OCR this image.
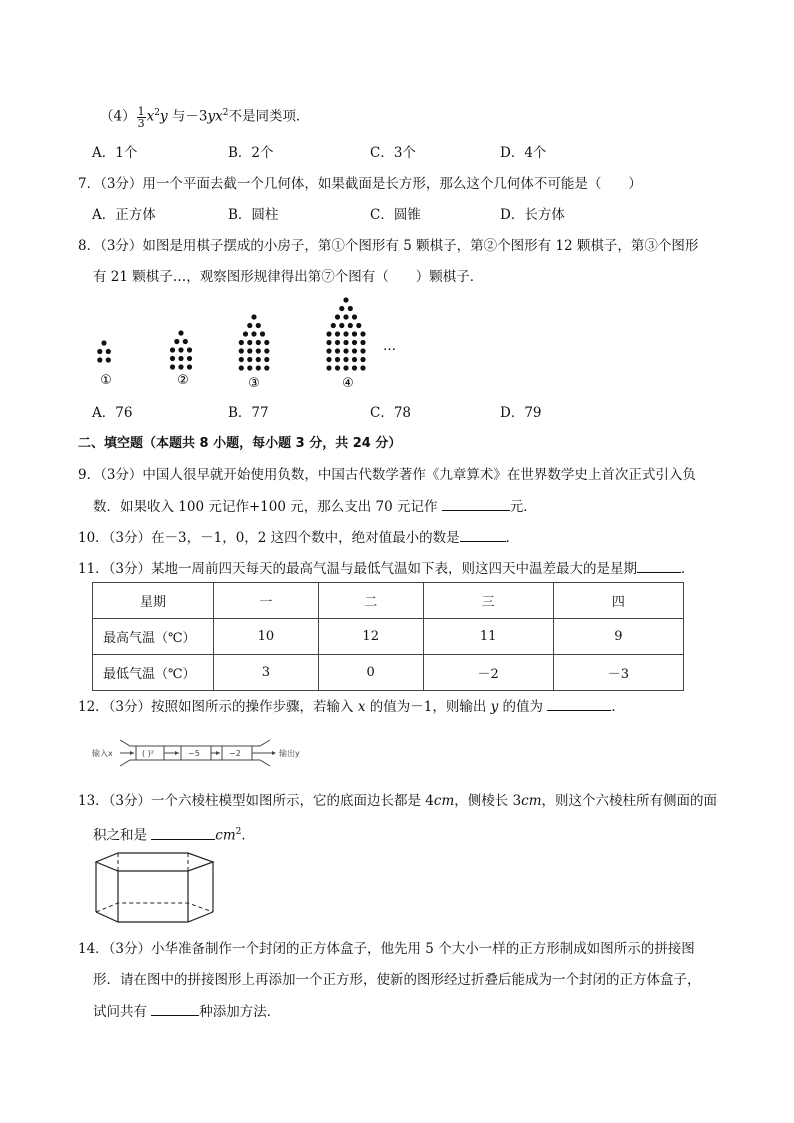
$(4) \frac{1}{3} x^2y$ 与$-3yx^2$不是同类项．
A．1个	B．2个	C．3个	D．4个
7．（3分）用一个平面去截一个几何体，如果截面是长方形，那么这个几何体不可能是（　　）
A．正方体	B．圆柱	C．圆锥	D．长方体
8．（3分）如图是用棋子摆成的小房子，第①个图形有 5 颗棋子，第②个图形有 12 颗棋子，第③个图形
有 21 颗棋子…，观察图形规律得出第⑦个图有（　　）颗棋子．
①	②	③	④
…
A．76	B．77	C．78	D．79
二、填空题（本题共 8 小题，每小题 3 分，共 24 分）
9．（3分）中国人很早就开始使用负数，中国古代数学著作《九章算术》在世界数学史上首次正式引入负
数．如果收入 100 元记作+100 元，那么支出 70 元记作	元．
10．（3分）在－3，－1，0，2 这四个数中，绝对值最小的数是	．
11．（3分）某地一周前四天每天的最高气温与最低气温如下表，则这四天中温差最大的是星期	．
星期	一	二	三	四
最高气温（℃）	10	12	11	9
最低气温（℃）	3	0	－2	－3
12．（3分）按照如图所示的操作步骤，若输入 x 的值为－1，则输出 y 的值为	．
输入x	( )²	−5	−2	输出y
13．（3分）一个六棱柱模型如图所示，它的底面边长都是 4cm，侧棱长 3cm，则这个六棱柱所有侧面的面
积之和是	$cm^2$．
14．（3分）小华准备制作一个封闭的正方体盒子，他先用 5 个大小一样的正方形制成如图所示的拼接图
形．请在图中的拼接图形上再添加一个正方形，使新的图形经过折叠后能成为一个封闭的正方体盒子，
试问共有	种添加方法．
